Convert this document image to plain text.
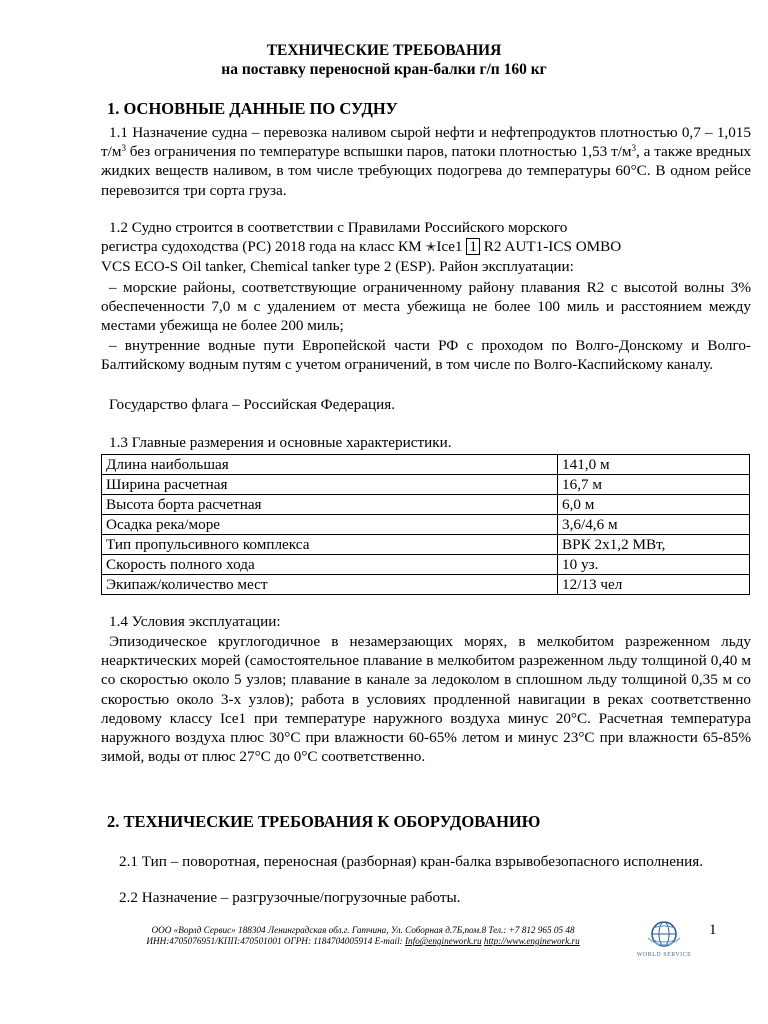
ТЕХНИЧЕСКИЕ ТРЕБОВАНИЯ
на поставку переносной кран-балки г/п 160 кг
1. ОСНОВНЫЕ ДАННЫЕ ПО СУДНУ
1.1 Назначение судна – перевозка наливом сырой нефти и нефтепродуктов плотностью 0,7 – 1,015 $т/м^3$ без ограничения по температуре вспышки паров, патоки плотностью 1,53 $т/м^3$, а также вредных жидких веществ наливом, в том числе требующих подогрева до температуры 60°С. В одном рейсе перевозится три сорта груза.
1.2 Судно строится в соответствии с Правилами Российского морского
регистра судоходства (РС) 2018 года на класс КМ ✭Ice1 1 R2 AUT1-ICS OMBO
VCS ECO-S Oil tanker, Chemical tanker type 2 (ESP). Район эксплуатации:
– морские районы, соответствующие ограниченному району плавания R2 с высотой волны 3% обеспеченности 7,0 м с удалением от места убежища не более 100 миль и расстоянием между местами убежища не более 200 миль;
– внутренние водные пути Европейской части РФ с проходом по Волго-Донскому и Волго-Балтийскому водным путям с учетом ограничений, в том числе по Волго-Каспийскому каналу.
Государство флага – Российская Федерация.
1.3 Главные размерения и основные характеристики.
Длина наибольшая	141,0 м
Ширина расчетная	16,7 м
Высота борта расчетная	6,0 м
Осадка река/море	3,6/4,6 м
Тип пропульсивного комплекса	ВРК 2х1,2 МВт,
Скорость полного хода	10 уз.
Экипаж/количество мест	12/13 чел
1.4 Условия эксплуатации:
Эпизодическое круглогодичное в незамерзающих морях, в мелкобитом разреженном льду неарктических морей (самостоятельное плавание в мелкобитом разреженном льду толщиной 0,40 м со скоростью около 5 узлов; плавание в канале за ледоколом в сплошном льду толщиной 0,35 м со скоростью около 3-х узлов); работа в условиях продленной навигации в реках соответственно ледовому классу Ice1 при температуре наружного воздуха минус 20°С. Расчетная температура наружного воздуха плюс 30°С при влажности 60-65% летом и минус 23°С при влажности 65-85% зимой, воды от плюс 27°С до 0°С соответственно.
2. ТЕХНИЧЕСКИЕ ТРЕБОВАНИЯ К ОБОРУДОВАНИЮ
2.1 Тип – поворотная, переносная (разборная) кран-балка взрывобезопасного исполнения.
2.2 Назначение – разгрузочные/погрузочные работы.
ООО «Ворлд Сервис» 188304 Ленинградская обл.г. Гатчина, Ул. Соборная д.7Б,пом.8 Тел.: +7 812 965 05 48
ИНН:4705076951/КПП:470501001 ОГРН: 1184704005914 E-mail: Info@enginework.ru http://www.enginework.ru
WORLD SERVICE
1
